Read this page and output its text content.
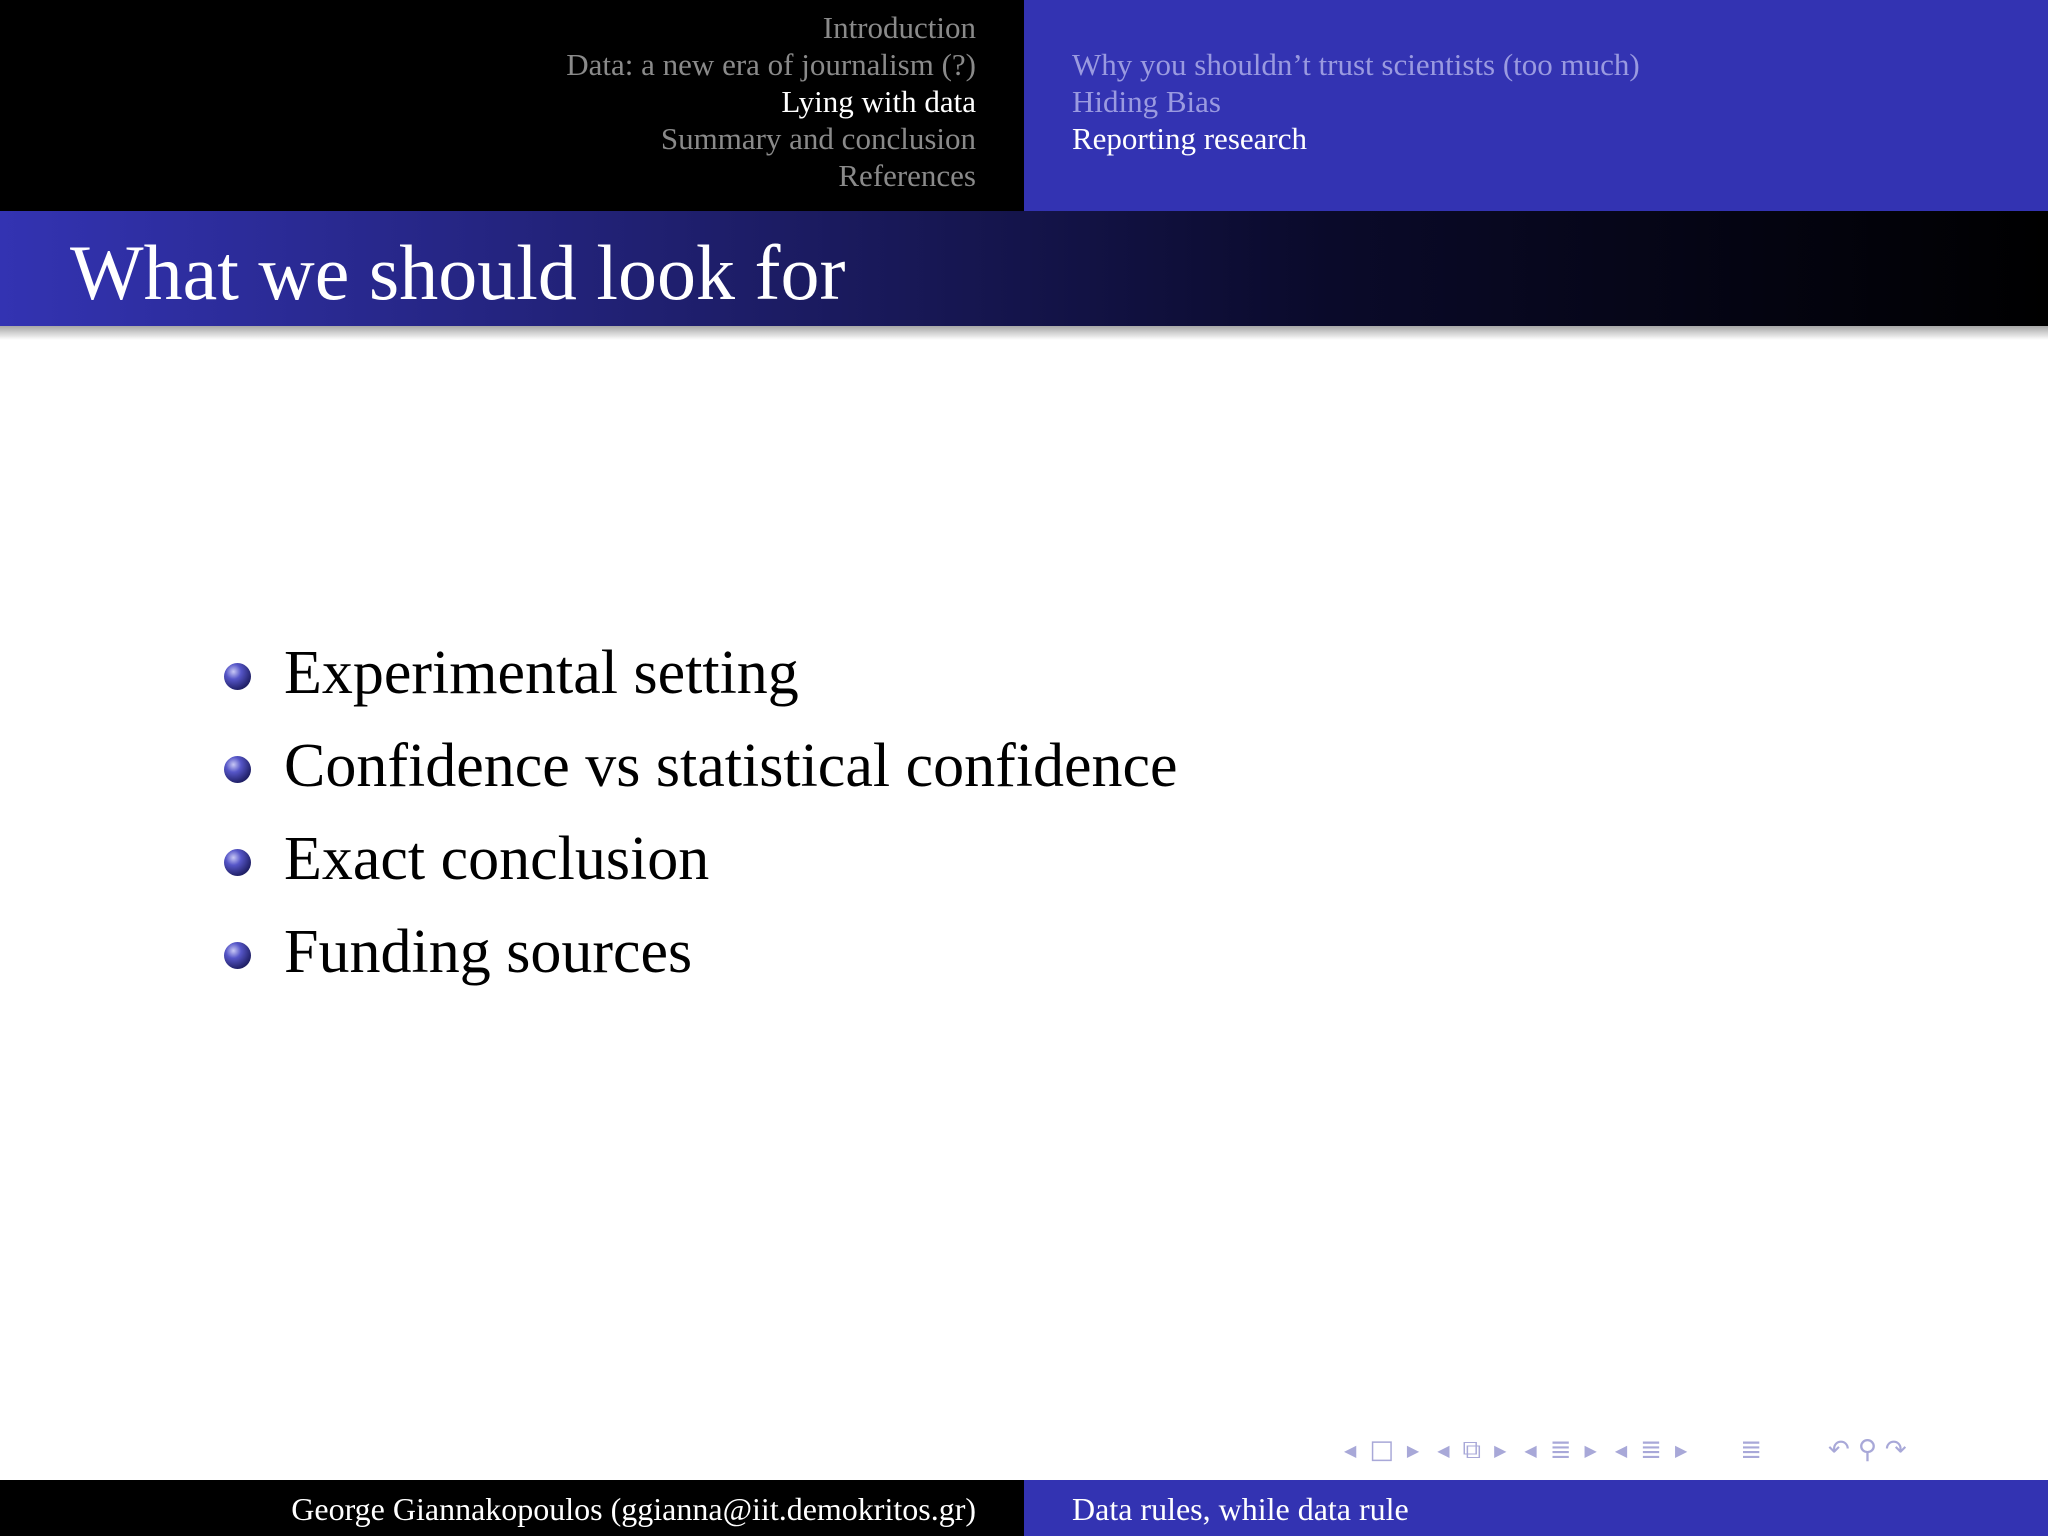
Introduction
Data: a new era of journalism (?)
Lying with data
Summary and conclusion
References
Why you shouldn’t trust scientists (too much)
Hiding Bias
Reporting research
What we should look for
Experimental setting
Confidence vs statistical confidence
Exact conclusion
Funding sources
◀ □ ▶ ◀ ⧉ ▶ ◀ ≣ ▶ ◀ ≣ ▶ ≣	↶ ⚲ ↷
George Giannakopoulos (ggianna@iit.demokritos.gr)	Data rules, while data rule
